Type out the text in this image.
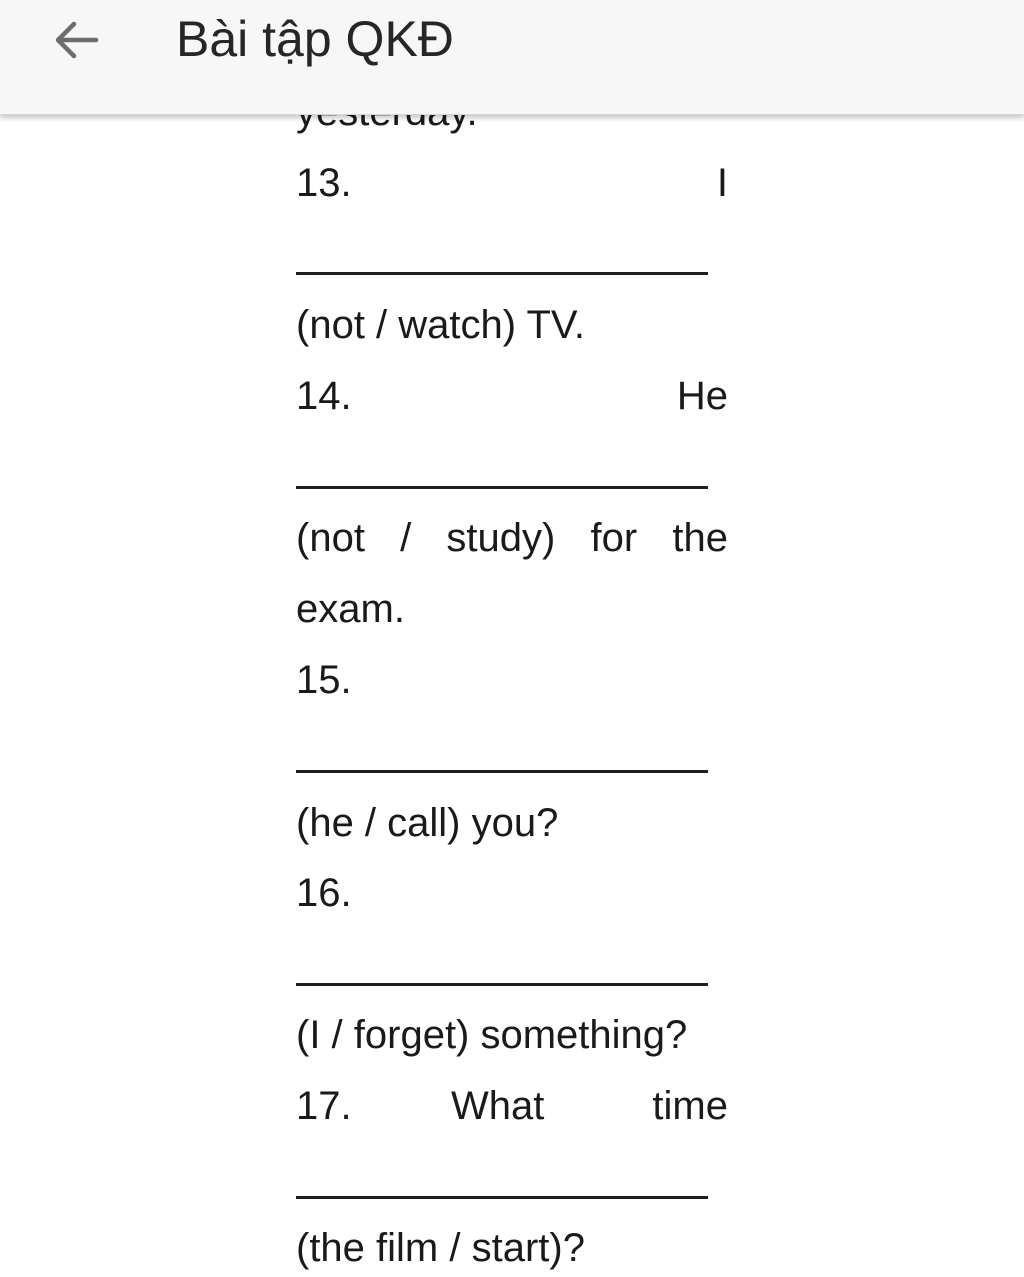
Bài tập QKĐ
13.	I
(not / watch) TV.
14.	He
(not / study) for the
exam.
15.
(he / call) you?
16.
(I / forget) something?
17. What	time
(the film / start)?
